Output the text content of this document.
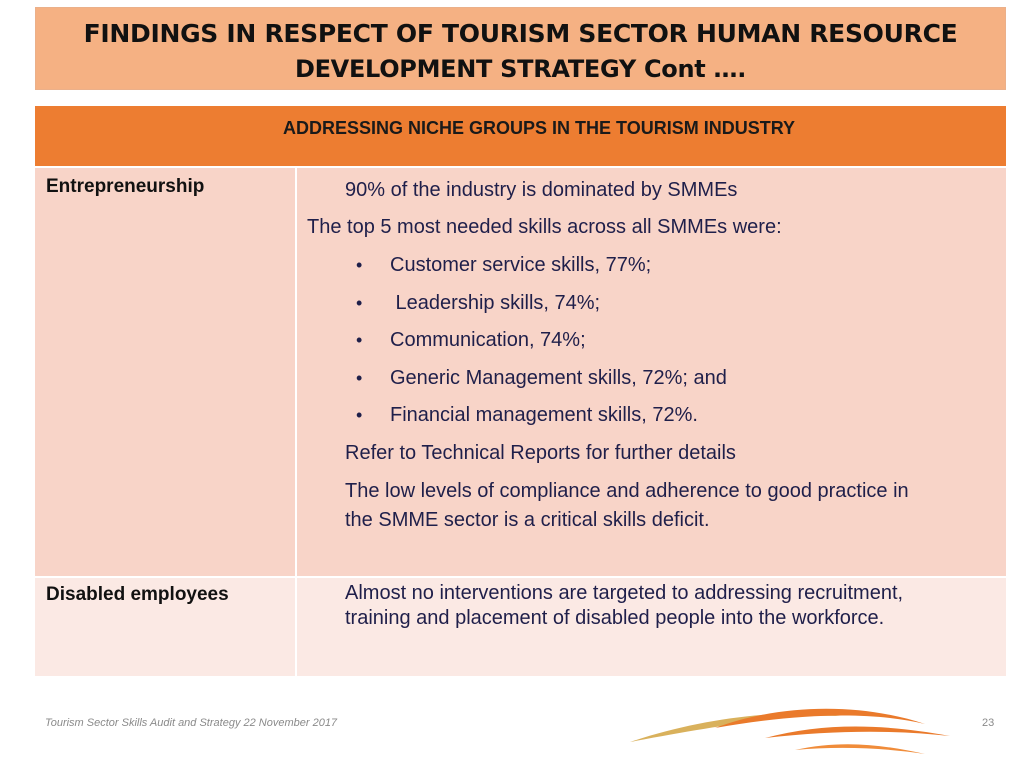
FINDINGS IN RESPECT OF TOURISM SECTOR HUMAN RESOURCE
DEVELOPMENT STRATEGY Cont ….
ADDRESSING NICHE GROUPS IN THE TOURISM INDUSTRY
Entrepreneurship	90% of the industry is dominated by SMMEs
The top 5 most needed skills across all SMMEs were:
• Customer service skills, 77%;
• Leadership skills, 74%;
• Communication, 74%;
• Generic Management skills, 72%; and
• Financial management skills, 72%.
Refer to Technical Reports for further details
The low levels of compliance and adherence to good practice in
the SMME sector is a critical skills deficit.
Disabled employees	Almost no interventions are targeted to addressing recruitment,
training and placement of disabled people into the workforce.
Tourism Sector Skills Audit and Strategy 22 November 2017	23
